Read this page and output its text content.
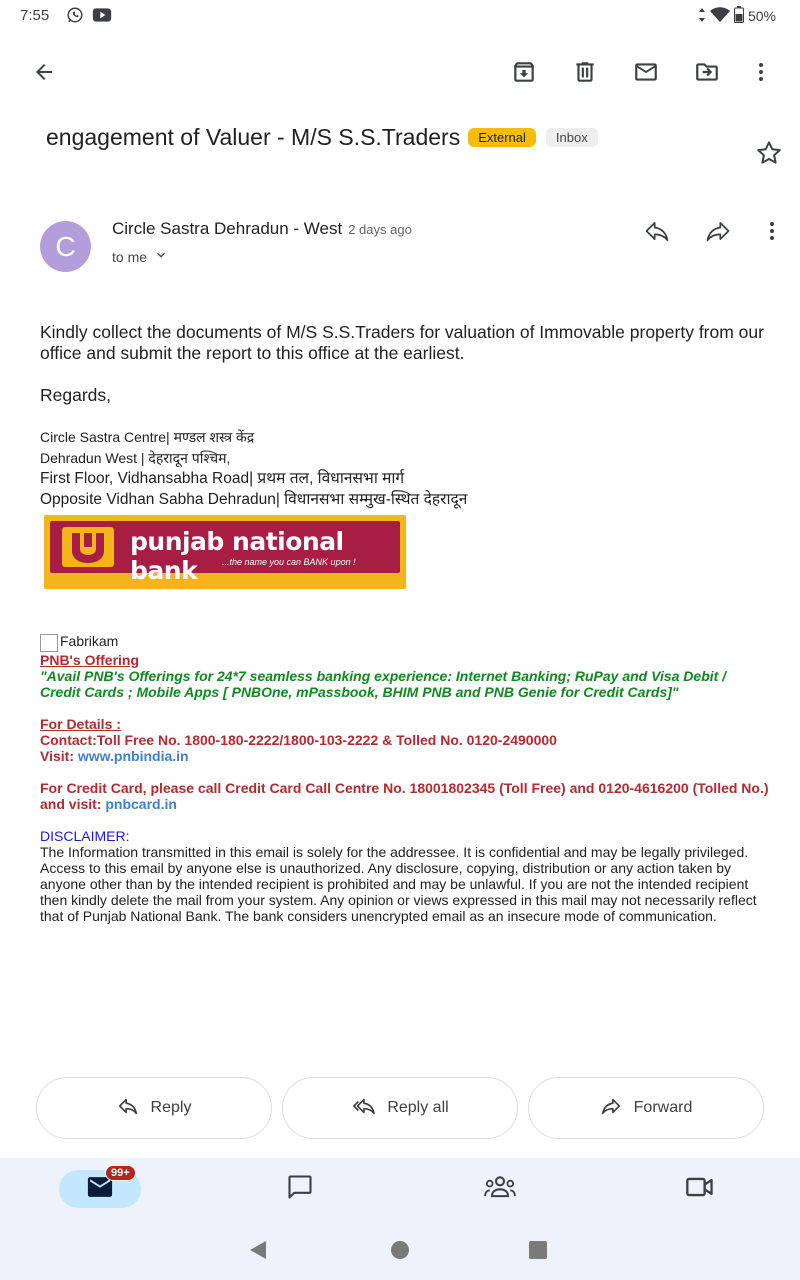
7:55	50%
engagement of Valuer - M/S S.S.Traders	External	Inbox
C
Circle Sastra Dehradun - West 2 days ago
to me
Kindly collect the documents of M/S S.S.Traders for valuation of Immovable property from our office and submit the report to this office at the earliest.
Regards,
Circle Sastra Centre| मण्डल शस्त्र केंद्र
Dehradun West | देहरादून पश्चिम,
First Floor, Vidhansabha Road| प्रथम तल, विधानसभा मार्ग
Opposite Vidhan Sabha Dehradun| विधानसभा सम्मुख-स्थित देहरादून
punjab national bank	...the name you can BANK upon !
Fabrikam
PNB's Offering
"Avail PNB's Offerings for 24*7 seamless banking experience: Internet Banking; RuPay and Visa Debit / Credit Cards ; Mobile Apps [ PNBOne, mPassbook, BHIM PNB and PNB Genie for Credit Cards]"
For Details :
Contact:Toll Free No. 1800-180-2222/1800-103-2222 & Tolled No. 0120-2490000
Visit: www.pnbindia.in
For Credit Card, please call Credit Card Call Centre No. 18001802345 (Toll Free) and 0120-4616200 (Tolled No.) and visit: pnbcard.in
DISCLAIMER:
The Information transmitted in this email is solely for the addressee. It is confidential and may be legally privileged. Access to this email by anyone else is unauthorized. Any disclosure, copying, distribution or any action taken by anyone other than by the intended recipient is prohibited and may be unlawful. If you are not the intended recipient then kindly delete the mail from your system. Any opinion or views expressed in this mail may not necessarily reflect that of Punjab National Bank. The bank considers unencrypted email as an insecure mode of communication.
Reply	Reply all	Forward
99+
